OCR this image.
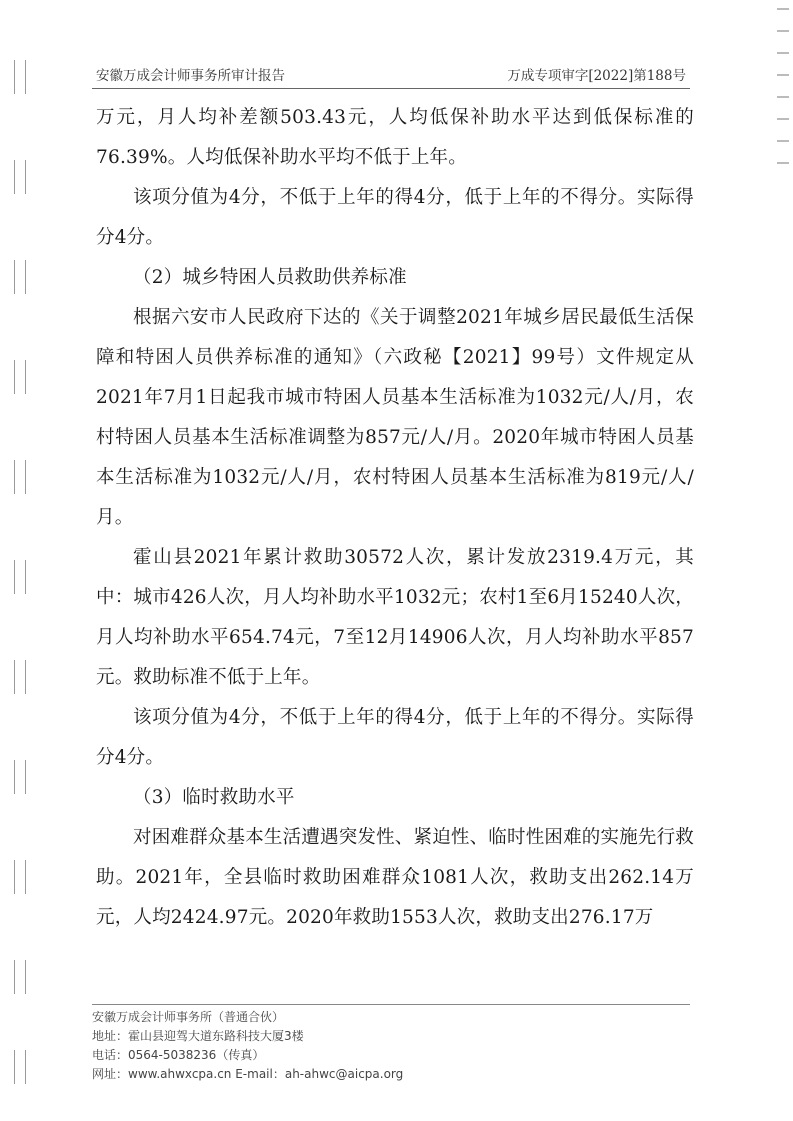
安徽万成会计师事务所审计报告	万成专项审字[2022]第188号

万元，月人均补差额503.43元，人均低保补助水平达到低保标准的76.39%。人均低保补助水平均不低于上年。

该项分值为4分，不低于上年的得4分，低于上年的不得分。实际得分4分。

（2）城乡特困人员救助供养标准

根据六安市人民政府下达的《关于调整2021年城乡居民最低生活保障和特困人员供养标准的通知》（六政秘【2021】99号）文件规定从2021年7月1日起我市城市特困人员基本生活标准为1032元/人/月，农村特困人员基本生活标准调整为857元/人/月。2020年城市特困人员基本生活标准为1032元/人/月，农村特困人员基本生活标准为819元/人/月。

霍山县2021年累计救助30572人次，累计发放2319.4万元，其中：城市426人次，月人均补助水平1032元；农村1至6月15240人次，月人均补助水平654.74元，7至12月14906人次，月人均补助水平857元。救助标准不低于上年。

该项分值为4分，不低于上年的得4分，低于上年的不得分。实际得分4分。

（3）临时救助水平

对困难群众基本生活遭遇突发性、紧迫性、临时性困难的实施先行救助。2021年，全县临时救助困难群众1081人次，救助支出262.14万元，人均2424.97元。2020年救助1553人次，救助支出276.17万

安徽万成会计师事务所（普通合伙）
地址：霍山县迎驾大道东路科技大厦3楼
电话：0564-5038236（传真）
网址：www.ahwxcpa.cn E-mail：ah-ahwc@aicpa.org
